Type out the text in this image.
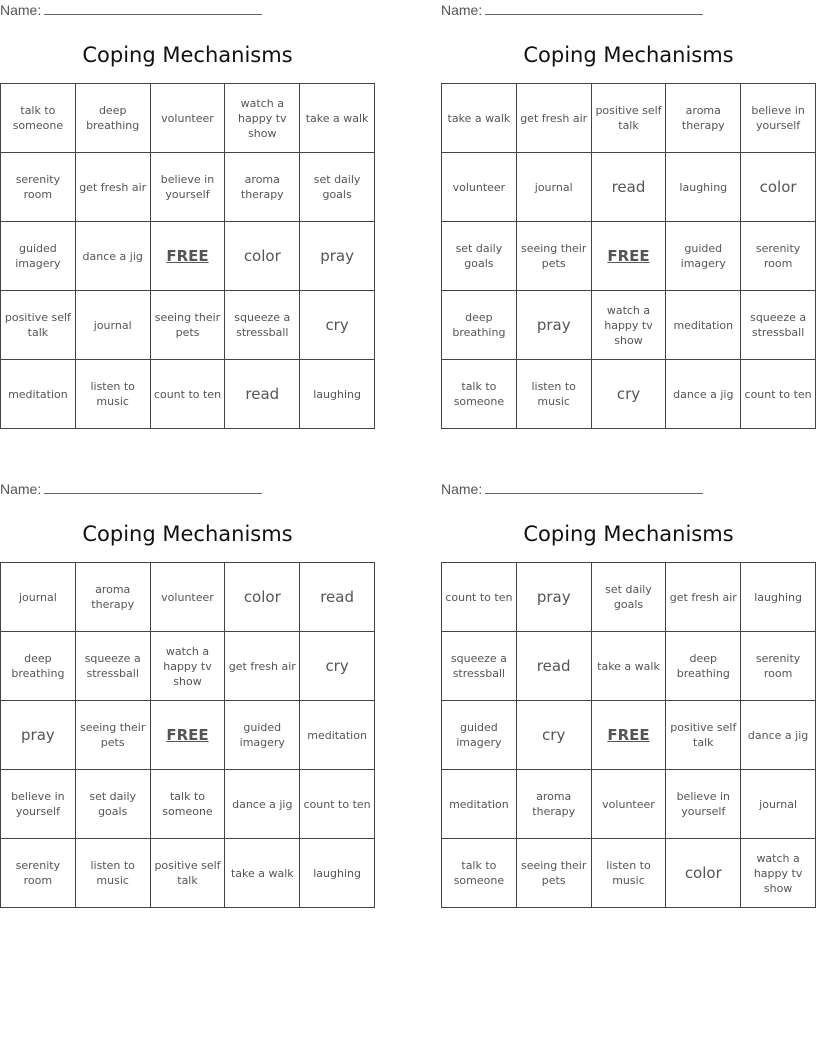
Name:
Coping Mechanisms
talk to someone	deep breathing	volunteer	watch a happy tv show	take a walk
serenity room	get fresh air	believe in yourself	aroma therapy	set daily goals
guided imagery	dance a jig	FREE	color	pray
positive self talk	journal	seeing their pets	squeeze a stressball	cry
meditation	listen to music	count to ten	read	laughing
Name:
Coping Mechanisms
take a walk	get fresh air	positive self talk	aroma therapy	believe in yourself
volunteer	journal	read	laughing	color
set daily goals	seeing their pets	FREE	guided imagery	serenity room
deep breathing	pray	watch a happy tv show	meditation	squeeze a stressball
talk to someone	listen to music	cry	dance a jig	count to ten
Name:
Coping Mechanisms
journal	aroma therapy	volunteer	color	read
deep breathing	squeeze a stressball	watch a happy tv show	get fresh air	cry
pray	seeing their pets	FREE	guided imagery	meditation
believe in yourself	set daily goals	talk to someone	dance a jig	count to ten
serenity room	listen to music	positive self talk	take a walk	laughing
Name:
Coping Mechanisms
count to ten	pray	set daily goals	get fresh air	laughing
squeeze a stressball	read	take a walk	deep breathing	serenity room
guided imagery	cry	FREE	positive self talk	dance a jig
meditation	aroma therapy	volunteer	believe in yourself	journal
talk to someone	seeing their pets	listen to music	color	watch a happy tv show
